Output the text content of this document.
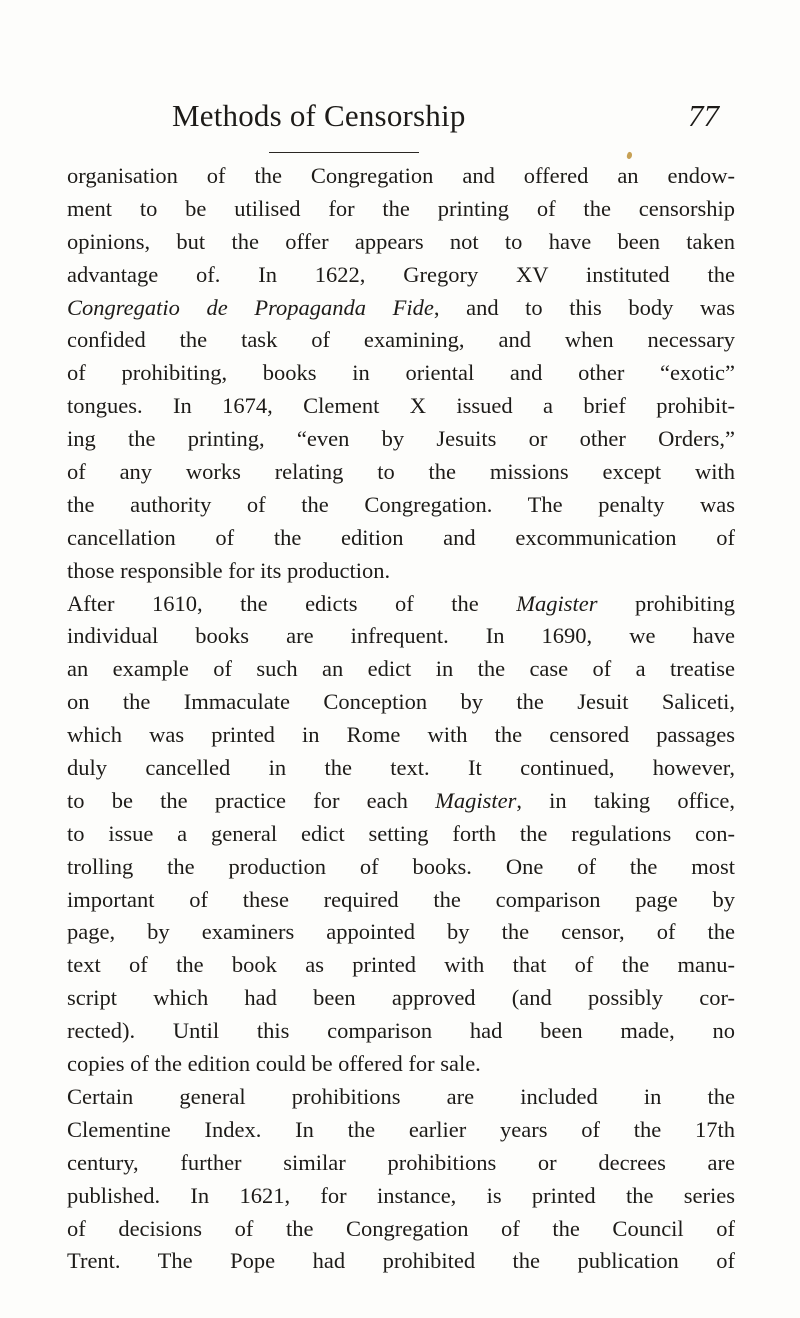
Methods of Censorship	77
organisation of the Congregation and offered an endow-
ment to be utilised for the printing of the censorship
opinions, but the offer appears not to have been taken
advantage of. In 1622, Gregory XV instituted the
Congregatio de Propaganda Fide, and to this body was
confided the task of examining, and when necessary
of prohibiting, books in oriental and other “exotic”
tongues. In 1674, Clement X issued a brief prohibit-
ing the printing, “even by Jesuits or other Orders,”
of any works relating to the missions except with
the authority of the Congregation. The penalty was
cancellation of the edition and excommunication of
those responsible for its production.
After 1610, the edicts of the Magister prohibiting
individual books are infrequent. In 1690, we have
an example of such an edict in the case of a treatise
on the Immaculate Conception by the Jesuit Saliceti,
which was printed in Rome with the censored passages
duly cancelled in the text. It continued, however,
to be the practice for each Magister, in taking office,
to issue a general edict setting forth the regulations con-
trolling the production of books. One of the most
important of these required the comparison page by
page, by examiners appointed by the censor, of the
text of the book as printed with that of the manu-
script which had been approved (and possibly cor-
rected). Until this comparison had been made, no
copies of the edition could be offered for sale.
Certain general prohibitions are included in the
Clementine Index. In the earlier years of the 17th
century, further similar prohibitions or decrees are
published. In 1621, for instance, is printed the series
of decisions of the Congregation of the Council of
Trent. The Pope had prohibited the publication of
